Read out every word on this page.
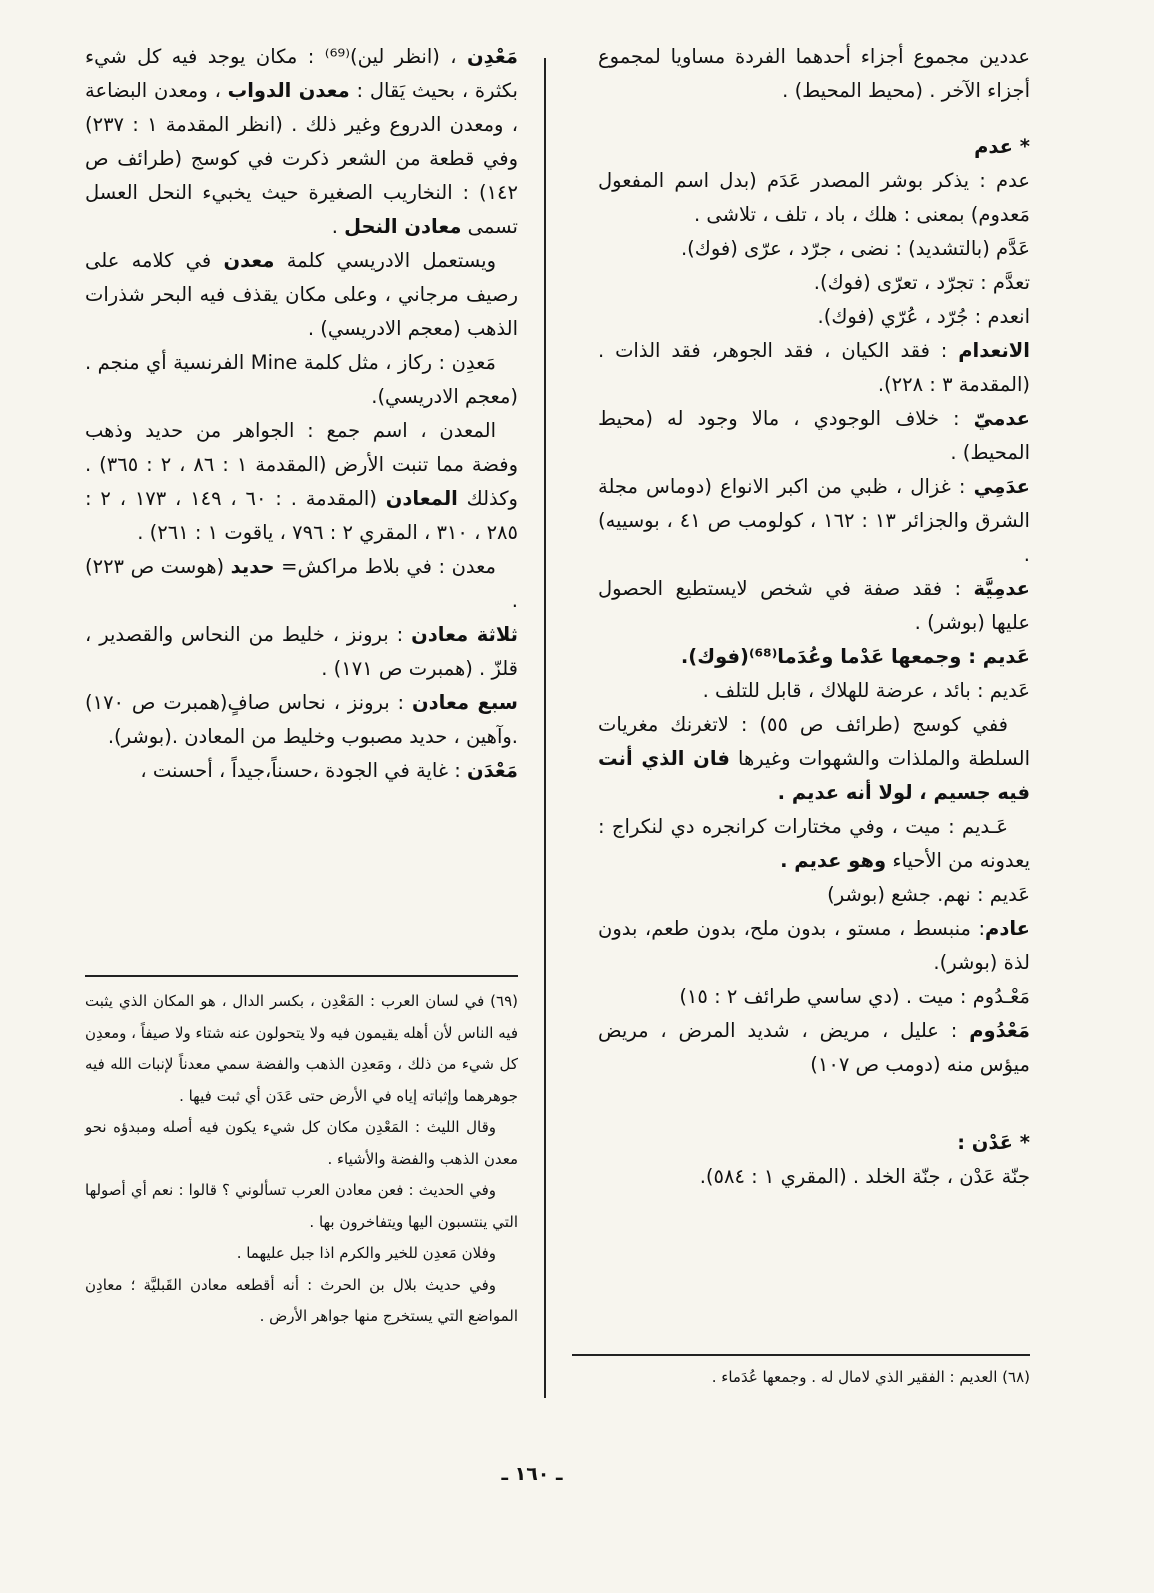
عددين مجموع أجزاء أحدهما الفردة مساويا لمجموع أجزاء الآخر . (محيط المحيط) .

* عدم

عدم : يذكر بوشر المصدر عَدَم (بدل اسم المفعول مَعدوم) بمعنى : هلك ، باد ، تلف ، تلاشى .

عَدَّم (بالتشديد) : نضى ، جرّد ، عرّى (فوك).

تعدَّم : تجرّد ، تعرّى (فوك).

انعدم : جُرّد ، عُرّي (فوك).

الانعدام : فقد الكيان ، فقد الجوهر، فقد الذات . (المقدمة ٣ : ٢٢٨).

عدميّ : خلاف الوجودي ، مالا وجود له (محيط المحيط) .

عدَمِي : غزال ، ظبي من اكبر الانواع (دوماس مجلة الشرق والجزائر ١٣ : ١٦٢ ، كولومب ص ٤١ ، بوسييه) .

عدمِيَّة : فقد صفة في شخص لايستطيع الحصول عليها (بوشر) .

عَديم : وجمعها عَدْما وعُدَما⁽⁶⁸⁾(فوك).

عَديم : بائد ، عرضة للهلاك ، قابل للتلف .

ففي كوسج (طرائف ص ٥٥) : لاتغرنك مغريات السلطة والملذات والشهوات وغيرها فان الذي أنت فيه جسيم ، لولا أنه عديم .

عَـديم : ميت ، وفي مختارات كرانجره دي لنكراج : يعدونه من الأحياء وهو عديم .

عَديم : نهم. جشع (بوشر)

عادم: منبسط ، مستو ، بدون ملح، بدون طعم، بدون لذة (بوشر).

مَعْـدُوم : ميت . (دي ساسي طرائف ٢ : ١٥)

مَعْدُوم : عليل ، مريض ، شديد المرض ، مريض ميؤس منه (دومب ص ١٠٧)

* عَدْن :

جنّة عَدْن ، جنّة الخلد . (المقري ١ : ٥٨٤).

مَعْدِن ، (انظر لين)⁽⁶⁹⁾ : مكان يوجد فيه كل شيء بكثرة ، بحيث يَقال : معدن الدواب ، ومعدن البضاعة ، ومعدن الدروع وغير ذلك . (انظر المقدمة ١ : ٢٣٧) وفي قطعة من الشعر ذكرت في كوسج (طرائف ص ١٤٢) : النخاريب الصغيرة حيث يخبيء النحل العسل تسمى معادن النحل .

ويستعمل الادريسي كلمة معدن في كلامه على رصيف مرجاني ، وعلى مكان يقذف فيه البحر شذرات الذهب (معجم الادريسي) .

مَعدِن : ركاز ، مثل كلمة Mine الفرنسية أي منجم . (معجم الادريسي).

المعدن ، اسم جمع : الجواهر من حديد وذهب وفضة مما تنبت الأرض (المقدمة ١ : ٨٦ ، ٢ : ٣٦٥) . وكذلك المعادن (المقدمة . : ٦٠ ، ١٤٩ ، ١٧٣ ، ٢ : ٢٨٥ ، ٣١٠ ، المقري ٢ : ٧٩٦ ، ياقوت ١ : ٢٦١) .

معدن : في بلاط مراكش= حديد (هوست ص ٢٢٣) .

ثلاثة معادن : برونز ، خليط من النحاس والقصدير ، قلزّ . (همبرت ص ١٧١) .

سبع معادن : برونز ، نحاس صافٍ(همبرت ص ١٧٠) .وآهين ، حديد مصبوب وخليط من المعادن .(بوشر).

مَعْدَن : غاية في الجودة ،حسناً،جيداً ، أحسنت ،

(٦٩) في لسان العرب : المَعْدِن ، بكسر الدال ، هو المكان الذي يثبت فيه الناس لأن أهله يقيمون فيه ولا يتحولون عنه شتاء ولا صيفاً ، ومعدِن كل شيء من ذلك ، ومَعدِن الذهب والفضة سمي معدناً لإنبات الله فيه جوهرهما وإثباته إياه في الأرض حتى عَدَن أي ثبت فيها .

وقال الليث : المَعْدِن مكان كل شيء يكون فيه أصله ومبدؤه نحو معدن الذهب والفضة والأشياء .

وفي الحديث : فعن معادن العرب تسألوني ؟ قالوا : نعم أي أصولها التي ينتسبون اليها ويتفاخرون بها .

وفلان مَعدِن للخير والكرم اذا جبل عليهما .

وفي حديث بلال بن الحرث : أنه أقطعه معادن القَبليَّة ؛ معادِن المواضع التي يستخرج منها جواهر الأرض .

(٦٨) العديم : الفقير الذي لامال له . وجمعها عُدَماء .
ـ ١٦٠ ـ
